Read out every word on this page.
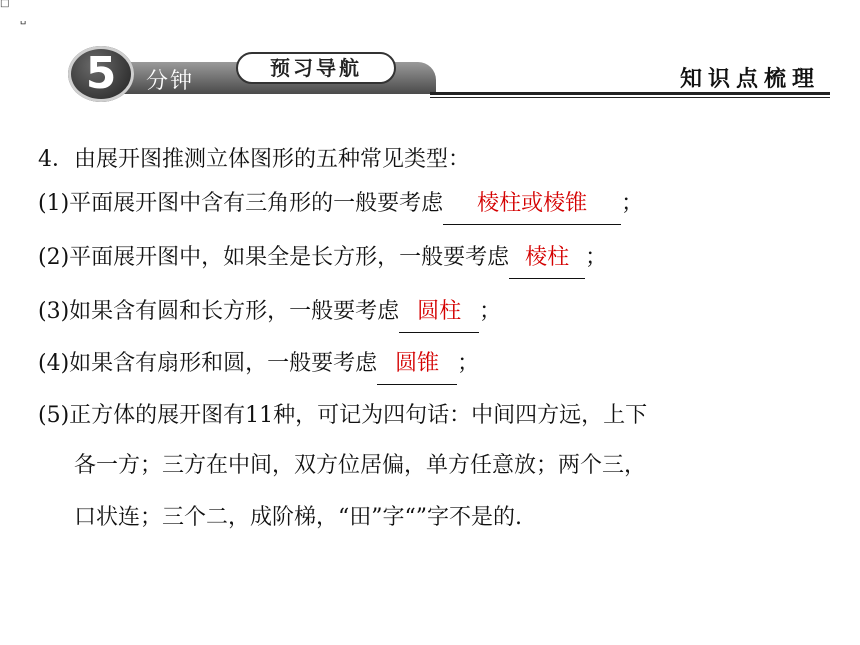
□
␣
5	分钟
预习导航	知识点梳理
4．由展开图推测立体图形的五种常见类型：
(1)平面展开图中含有三角形的一般要考虑 棱柱或棱锥 ；
(2)平面展开图中，如果全是长方形，一般要考虑 棱柱 ；
(3)如果含有圆和长方形，一般要考虑 圆柱 ；
(4)如果含有扇形和圆，一般要考虑 圆锥 ；
(5)正方体的展开图有11种，可记为四句话：中间四方远，上下
各一方；三方在中间，双方位居偏，单方任意放；两个三，
口状连；三个二，成阶梯，“田”字“”字不是的.
